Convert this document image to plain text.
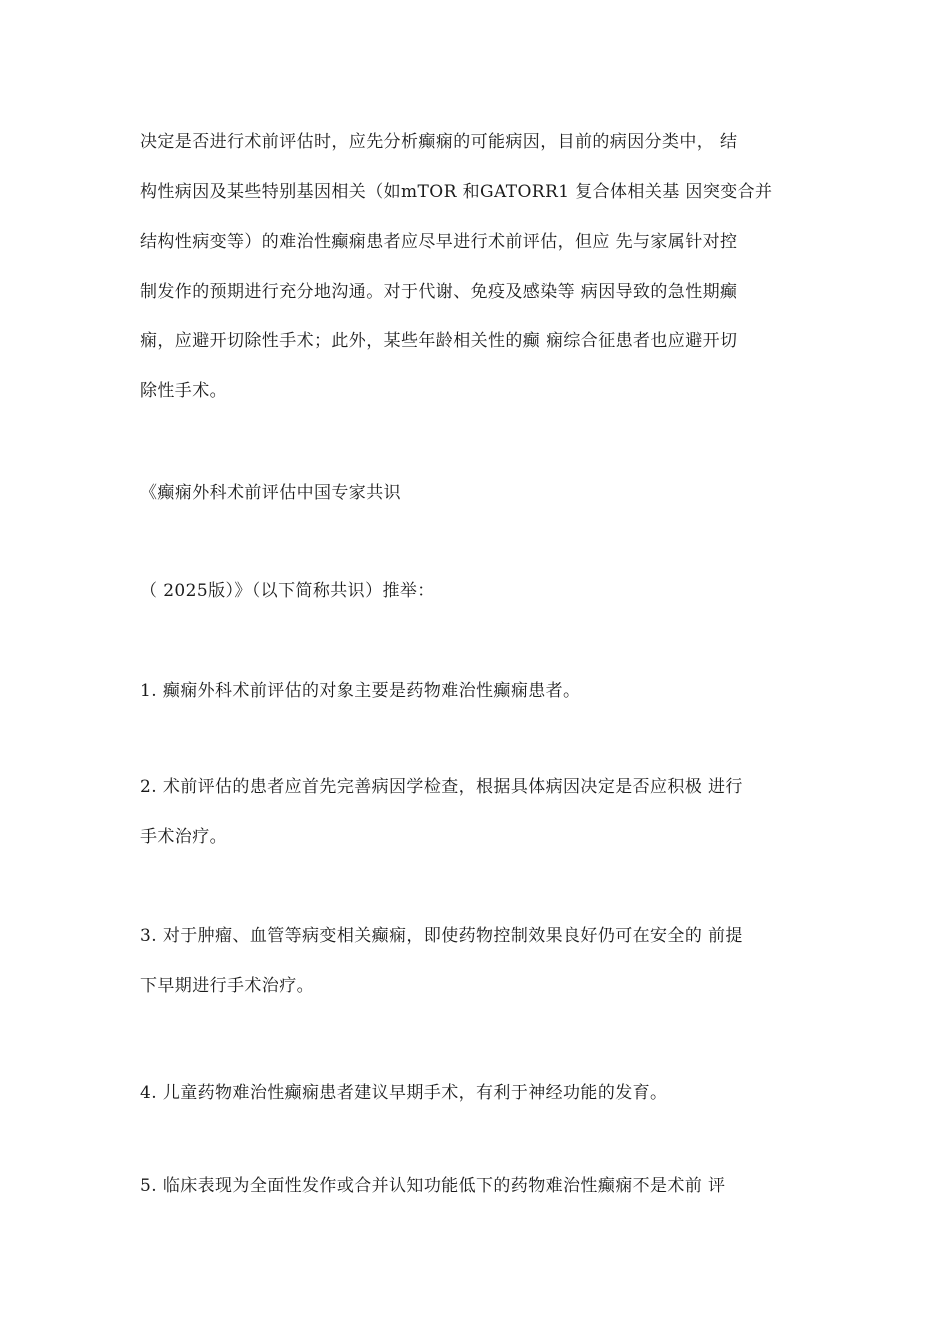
决定是否进行术前评估时，应先分析癫痫的可能病因，目前的病因分类中， 结
构性病因及某些特别基因相关（如mTOR 和GATORR1 复合体相关基 因突变合并
结构性病变等）的难治性癫痫患者应尽早进行术前评估，但应 先与家属针对控
制发作的预期进行充分地沟通。对于代谢、免疫及感染等 病因导致的急性期癫
痫，应避开切除性手术；此外，某些年龄相关性的癫 痫综合征患者也应避开切
除性手术。
《癫痫外科术前评估中国专家共识
（ 2025版）》（以下简称共识）推举：
1. 癫痫外科术前评估的对象主要是药物难治性癫痫患者。
2. 术前评估的患者应首先完善病因学检查，根据具体病因决定是否应积极 进行
手术治疗。
3. 对于肿瘤、血管等病变相关癫痫，即使药物控制效果良好仍可在安全的 前提
下早期进行手术治疗。
4. 儿童药物难治性癫痫患者建议早期手术，有利于神经功能的发育。
5. 临床表现为全面性发作或合并认知功能低下的药物难治性癫痫不是术前 评
